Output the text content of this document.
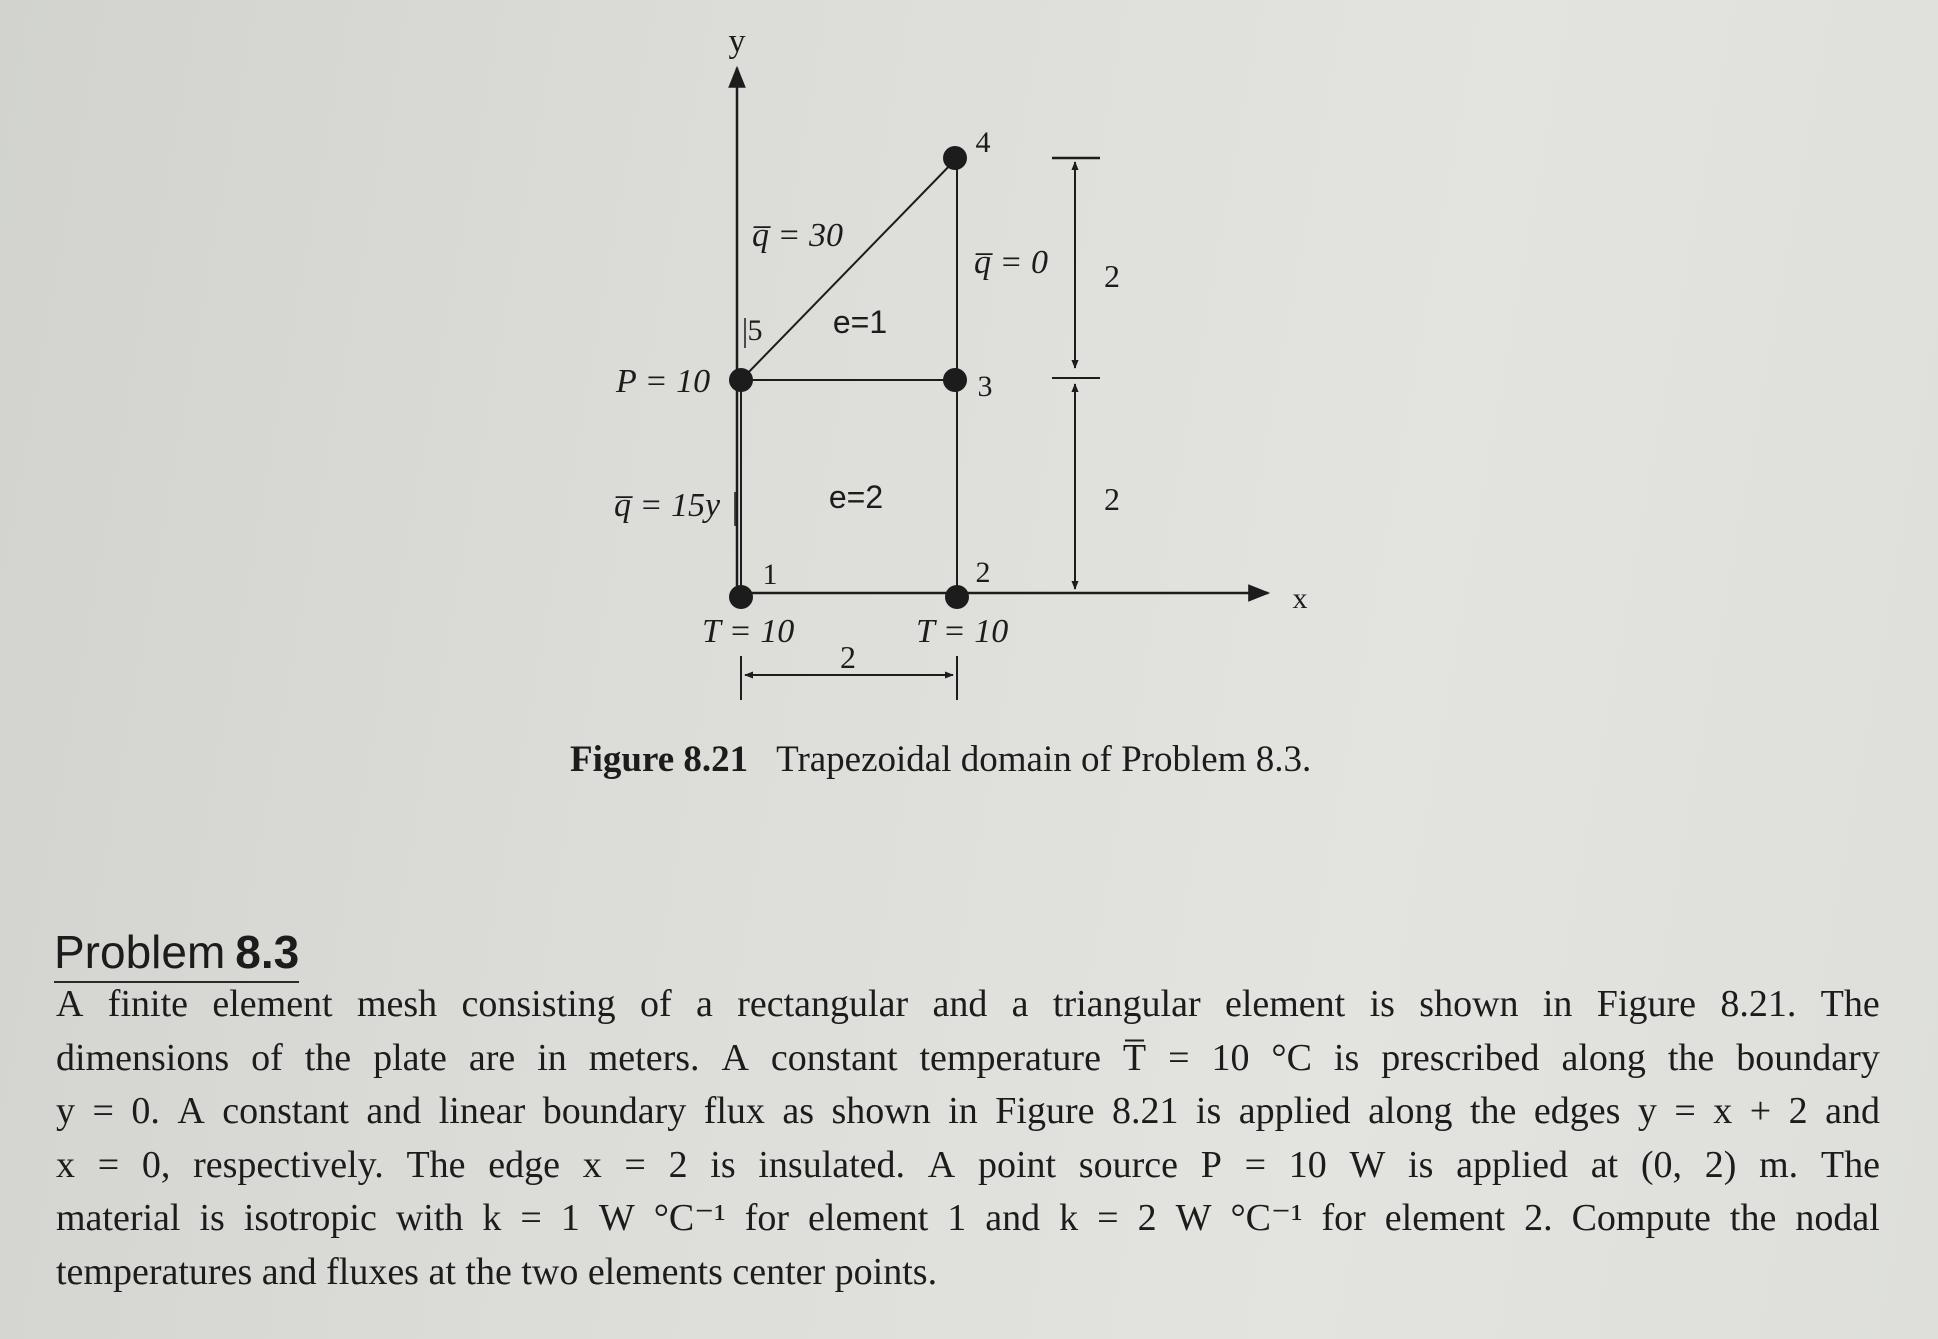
y
x
1	2
3
4
5 e=1
e=2
q̅ = 30
q̅ = 0
q̅ = 15y
P = 10
T = 10	T = 10
2
2
2
Figure 8.21 Trapezoidal domain of Problem 8.3.
Problem 8.3
A finite element mesh consisting of a rectangular and a triangular element is shown in Figure 8.21. The
dimensions of the plate are in meters. A constant temperature T̅ = 10 °C is prescribed along the boundary
y = 0. A constant and linear boundary flux as shown in Figure 8.21 is applied along the edges y = x + 2 and
x = 0, respectively. The edge x = 2 is insulated. A point source P = 10 W is applied at (0, 2) m. The
material is isotropic with k = 1 W °C⁻¹ for element 1 and k = 2 W °C⁻¹ for element 2. Compute the nodal
temperatures and fluxes at the two elements center points.
